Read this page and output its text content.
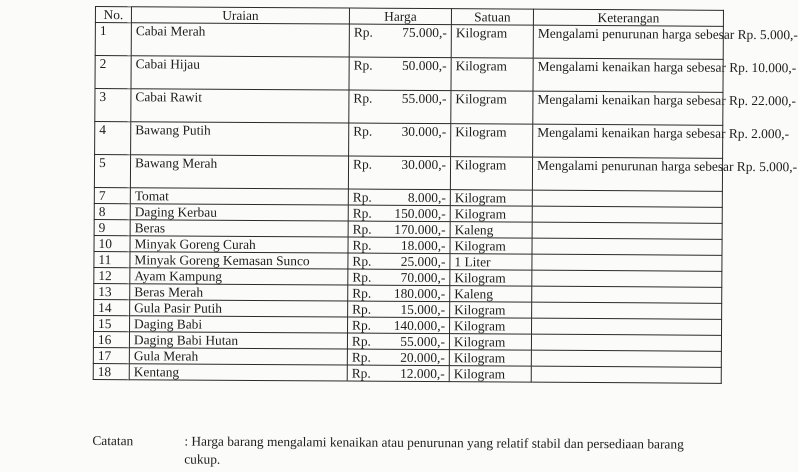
No.	Uraian	Harga	Satuan	Keterangan
1	Cabai Merah	Rp. 75.000,-	Kilogram	Mengalami penurunan harga sebesar Rp. 5.000,-
2	Cabai Hijau	Rp. 50.000,-	Kilogram	Mengalami kenaikan harga sebesar Rp. 10.000,-
3	Cabai Rawit	Rp. 55.000,-	Kilogram	Mengalami kenaikan harga sebesar Rp. 22.000,-
4	Bawang Putih	Rp. 30.000,-	Kilogram	Mengalami kenaikan harga sebesar Rp. 2.000,-
5	Bawang Merah	Rp. 30.000,-	Kilogram	Mengalami penurunan harga sebesar Rp. 5.000,-
7	Tomat	Rp. 8.000,-	Kilogram	
8	Daging Kerbau	Rp. 150.000,-	Kilogram	
9	Beras	Rp. 170.000,-	Kaleng	
10	Minyak Goreng Curah	Rp. 18.000,-	Kilogram	
11	Minyak Goreng Kemasan Sunco	Rp. 25.000,-	1 Liter	
12	Ayam Kampung	Rp. 70.000,-	Kilogram	
13	Beras Merah	Rp. 180.000,-	Kaleng	
14	Gula Pasir Putih	Rp. 15.000,-	Kilogram	
15	Daging Babi	Rp. 140.000,-	Kilogram	
16	Daging Babi Hutan	Rp. 55.000,-	Kilogram	
17	Gula Merah	Rp. 20.000,-	Kilogram	
18	Kentang	Rp. 12.000,-	Kilogram	
Catatan	: Harga barang mengalami kenaikan atau penurunan yang relatif stabil dan persediaan barang cukup.
